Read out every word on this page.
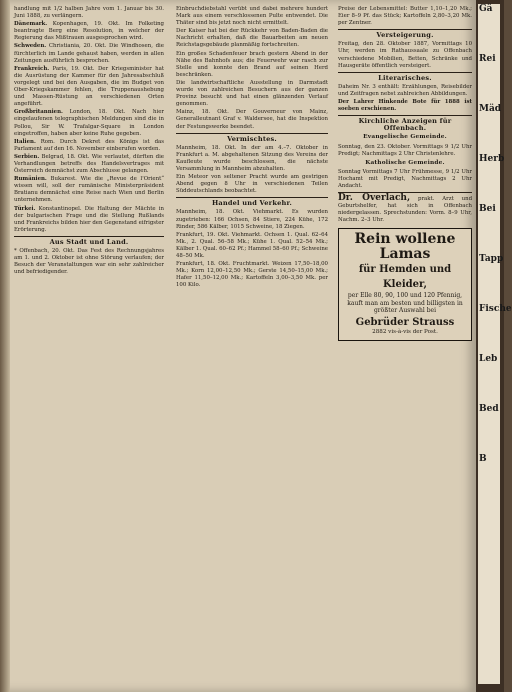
handlung mit 1/2 halben Jahre vom 1. Januar bis 30. Juni 1888, zu verlängern.
Dänemark. Kopenhagen, 19. Okt. Im Folketing beantragte Berg eine Resolution, in welcher der Regierung das Mißtrauen ausgesprochen wird.
Schweden. Christiania, 20. Okt. Die Windhosen, die fürchterlich im Lande gehaust haben, werden in allen Zeitungen ausführlich besprochen.
Frankreich. Paris, 19. Okt. Der Kriegsminister hat die Ausrüstung der Kammer für den Jahresabschluß vorgelegt und bei den Ausgaben, die im Budget von Ober-Kriegskammer fehlen, die Truppenaushebung und Massen-Rüstung an verschiedenen Orten angeführt.
Großbritannien. London, 18. Okt. Nach hier eingelaufenen telegraphischen Meldungen sind die in Pollou, Sir W. Trafalgar-Square in London eingetroffen, haben aber keine Ruhe gegeben.
Italien. Rom. Durch Dekret des Königs ist das Parlament auf den 16. November einberufen worden.
Serbien. Belgrad, 18. Okt. Wie verlautet, dürften die Verhandlungen betreffs des Handelsvertrages mit Österreich demnächst zum Abschlusse gelangen.
Rumänien. Bukarest. Wie die „Revue de l'Orient“ wissen will, soll der rumänische Ministerpräsident Bratianu demnächst eine Reise nach Wien und Berlin unternehmen.
Türkei. Konstantinopel. Die Haltung der Mächte in der bulgarischen Frage und die Stellung Rußlands und Frankreichs bilden hier den Gegenstand eifrigster Erörterung.
Aus Stadt und Land.
* Offenbach, 20. Okt. Das Fest des Rechnungsjahres am 1. und 2. Oktober ist ohne Störung verlaufen; der Besuch der Veranstaltungen war ein sehr zahlreicher und befriedigender.
Einbruchdiebstahl verübt und dabei mehrere hundert Mark aus einem verschlossenen Pulte entwendet. Die Thäter sind bis jetzt noch nicht ermittelt.
Der Kaiser hat bei der Rückkehr von Baden-Baden die Nachricht erhalten, daß die Bauarbeiten am neuen Reichstagsgebäude planmäßig fortschreiten.
Ein großes Schadenfeuer brach gestern Abend in der Nähe des Bahnhofs aus; die Feuerwehr war rasch zur Stelle und konnte den Brand auf seinen Herd beschränken.
Die landwirtschaftliche Ausstellung in Darmstadt wurde von zahlreichen Besuchern aus der ganzen Provinz besucht und hat einen glänzenden Verlauf genommen.
Mainz, 18. Okt. Der Gouverneur von Mainz, Generalleutnant Graf v. Waldersee, hat die Inspektion der Festungswerke beendet.
Vermischtes.
Mannheim, 18. Okt. In der am 4.–7. Oktober in Frankfurt a. M. abgehaltenen Sitzung des Vereins der Kaufleute wurde beschlossen, die nächste Versammlung in Mannheim abzuhalten.
Ein Meteor von seltener Pracht wurde am gestrigen Abend gegen 8 Uhr in verschiedenen Teilen Süddeutschlands beobachtet.
Handel und Verkehr.
Mannheim, 18. Okt. Viehmarkt. Es wurden zugetrieben: 166 Ochsen, 84 Stiere, 224 Kühe, 172 Rinder, 586 Kälber, 1015 Schweine, 18 Ziegen.
Frankfurt, 19. Okt. Viehmarkt. Ochsen 1. Qual. 62–64 Mk., 2. Qual. 56–58 Mk.; Kühe 1. Qual. 52–54 Mk.; Kälber 1. Qual. 60–62 Pf.; Hammel 58–60 Pf.; Schweine 48–50 Mk.
Frankfurt, 18. Okt. Fruchtmarkt. Weizen 17,50–18,00 Mk.; Korn 12,00–12,50 Mk.; Gerste 14,50–15,00 Mk.; Hafer 11,50–12,00 Mk.; Kartoffeln 3,00–3,50 Mk. per 100 Kilo.
Preise der Lebensmittel: Butter 1,10–1,20 Mk.; Eier 8–9 Pf. das Stück; Kartoffeln 2,80–3,20 Mk. per Zentner.
Versteigerung.
Freitag, den 28. Oktober 1887, Vormittags 10 Uhr, werden im Rathaussaale zu Offenbach verschiedene Mobilien, Betten, Schränke und Hausgeräte öffentlich versteigert.
Literarisches.
Daheim Nr. 3 enthält: Erzählungen, Reisebilder und Zeitfragen nebst zahlreichen Abbildungen.
Der Lahrer Hinkende Bote für 1888 ist soeben erschienen.
Kirchliche Anzeigen für Offenbach.
Evangelische Gemeinde.
Sonntag, den 23. Oktober. Vormittags 9 1/2 Uhr Predigt; Nachmittags 2 Uhr Christenlehre.
Katholische Gemeinde.
Sonntag Vormittags 7 Uhr Frühmesse, 9 1/2 Uhr Hochamt mit Predigt, Nachmittags 2 Uhr Andacht.
Dr. Overlach, prakt. Arzt und Geburtshelfer, hat sich in Offenbach niedergelassen. Sprechstunden: Vorm. 8–9 Uhr, Nachm. 2–3 Uhr.
Rein wollene Lamas
für Hemden und Kleider,
per Elle 80, 90, 100 und 120 Pfennig,
kauft man am besten und billigsten in
größter Auswahl bei
Gebrüder Strauss
2882 vis-à-vis der Post.
Gä
Rei
Mäd
Herb
Bei
Tapp
Fische
Leb
Bed
B
